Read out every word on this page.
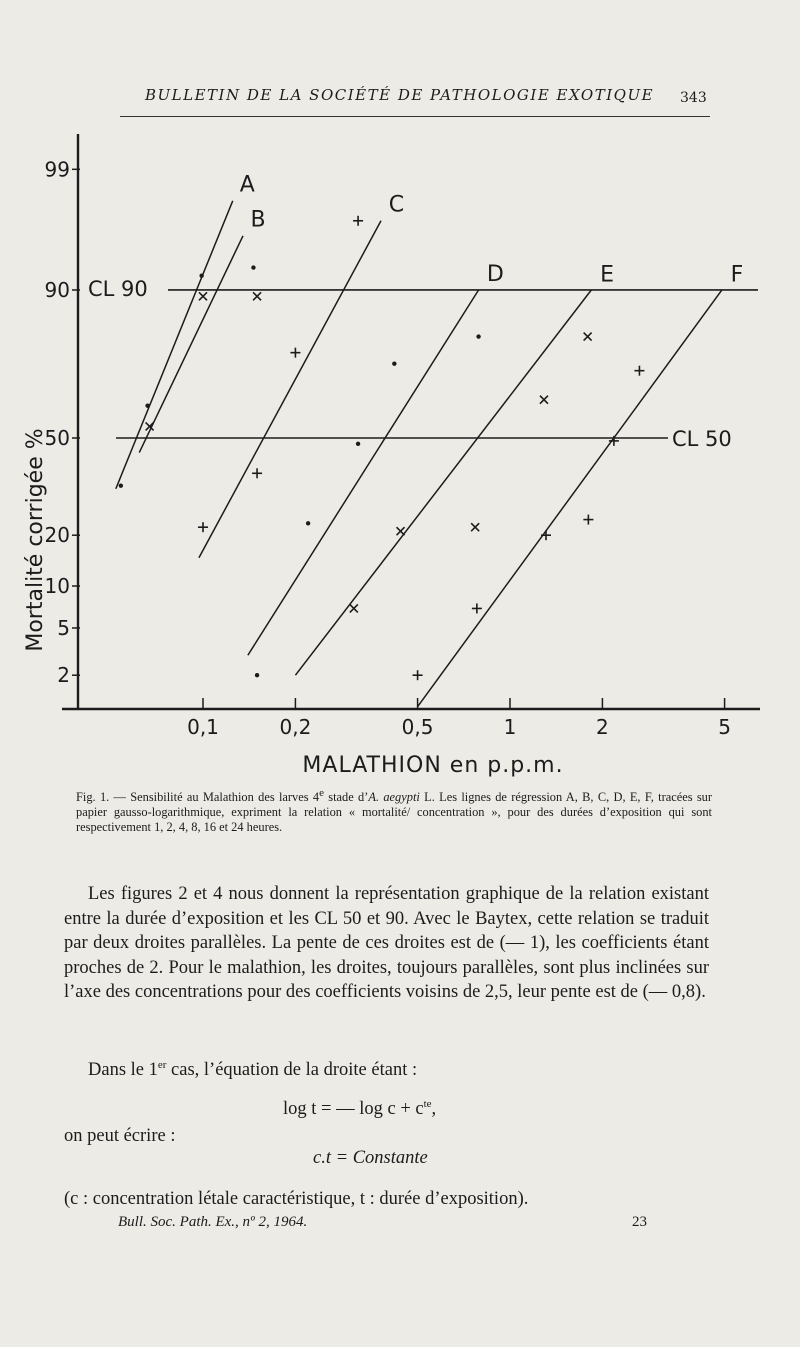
BULLETIN DE LA SOCIÉTÉ DE PATHOLOGIE EXOTIQUE 343
0,1	0,2	0,5	1	2	5
2
5
10
20
50
90
99
CL 90
CL 50
A
B
C
D	E	F
Mortalité corrigée %
MALATHION en p.p.m.
Fig. 1. — Sensibilité au Malathion des larves 4e stade d’A. aegypti L. Les lignes de régression A, B, C, D, E, F, tracées sur papier gausso-logarithmique, expriment la relation « mortalité/ concentration », pour des durées d’exposition qui sont respectivement 1, 2, 4, 8, 16 et 24 heures.
Les figures 2 et 4 nous donnent la représentation graphique de la relation existant entre la durée d’exposition et les CL 50 et 90. Avec le Baytex, cette relation se traduit par deux droites parallèles. La pente de ces droites est de (— 1), les coefficients étant proches de 2. Pour le malathion, les droites, toujours parallèles, sont plus inclinées sur l’axe des concentrations pour des coefficients voisins de 2,5, leur pente est de (— 0,8).
Dans le 1er cas, l’équation de la droite étant :
log t = — $\log c + c^{te}$,
on peut écrire :
c.t = Constante
(c : concentration létale caractéristique, t : durée d’exposition).
Bull. Soc. Path. Ex., nº 2, 1964.	23
